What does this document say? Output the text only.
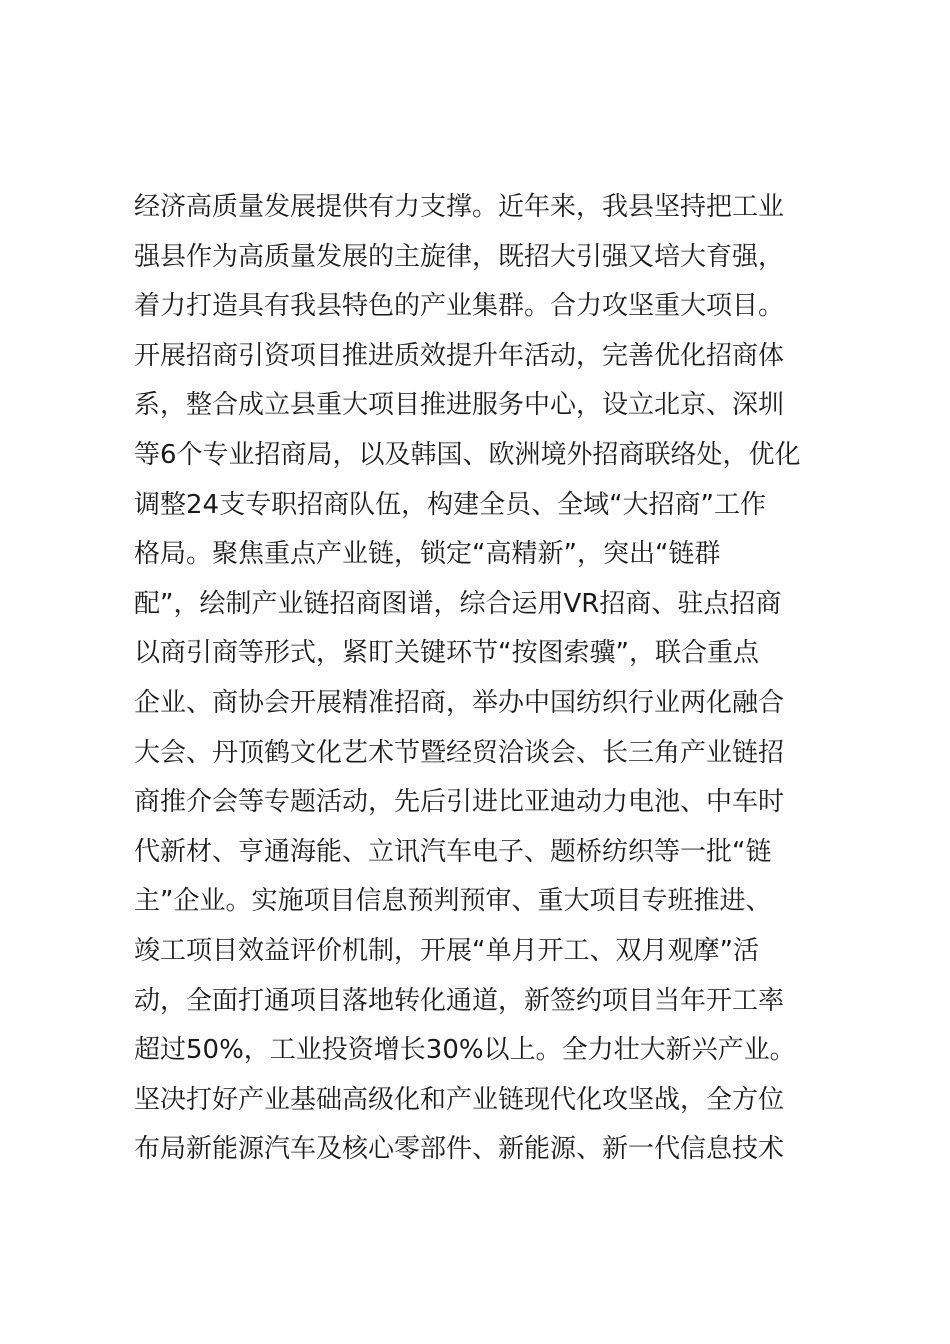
经济高质量发展提供有力支撑。近年来，我县坚持把工业
强县作为高质量发展的主旋律，既招大引强又培大育强，
着力打造具有我县特色的产业集群。合力攻坚重大项目。
开展招商引资项目推进质效提升年活动，完善优化招商体
系，整合成立县重大项目推进服务中心，设立北京、深圳
等6个专业招商局，以及韩国、欧洲境外招商联络处，优化
调整24支专职招商队伍，构建全员、全域“大招商”工作
格局。聚焦重点产业链，锁定“高精新”，突出“链群
配”，绘制产业链招商图谱，综合运用VR招商、驻点招商
以商引商等形式，紧盯关键环节“按图索骥”，联合重点
企业、商协会开展精准招商，举办中国纺织行业两化融合
大会、丹顶鹤文化艺术节暨经贸洽谈会、长三角产业链招
商推介会等专题活动，先后引进比亚迪动力电池、中车时
代新材、亨通海能、立讯汽车电子、题桥纺织等一批“链
主”企业。实施项目信息预判预审、重大项目专班推进、
竣工项目效益评价机制，开展“单月开工、双月观摩”活
动，全面打通项目落地转化通道，新签约项目当年开工率
超过50%，工业投资增长30%以上。全力壮大新兴产业。
坚决打好产业基础高级化和产业链现代化攻坚战，全方位
布局新能源汽车及核心零部件、新能源、新一代信息技术
